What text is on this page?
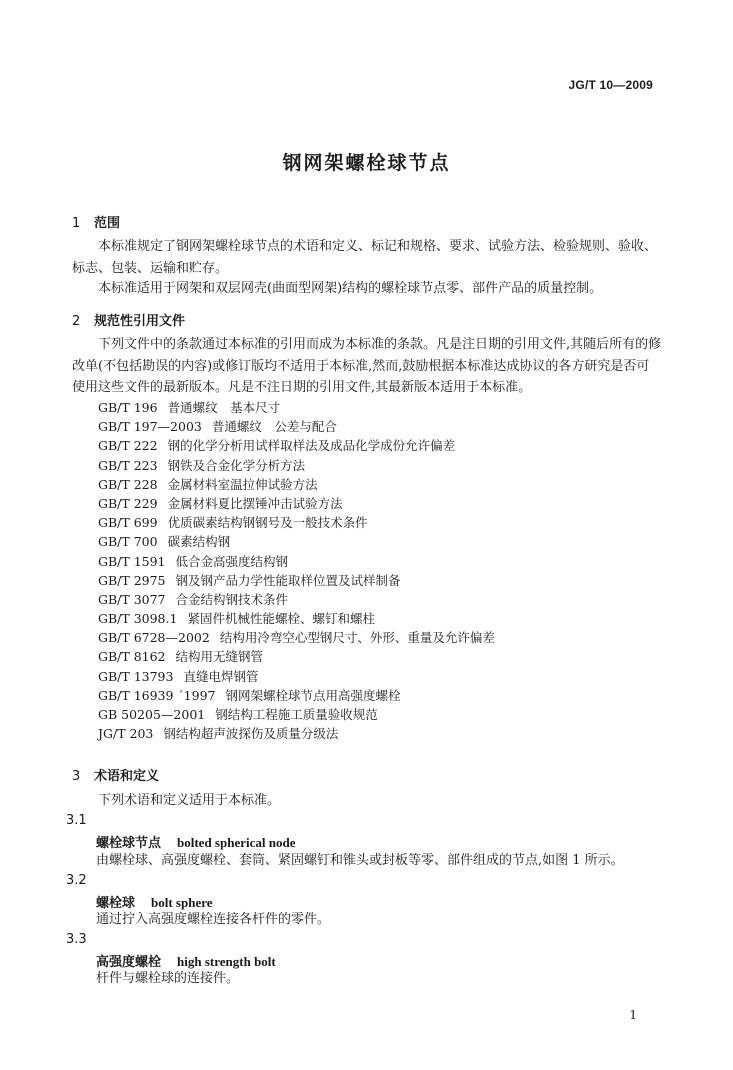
JG/T 10—2009
钢网架螺栓球节点
1 范围
本标准规定了钢网架螺栓球节点的术语和定义、标记和规格、要求、试验方法、检验规则、验收、标志、包装、运输和贮存。
本标准适用于网架和双层网壳(曲面型网架)结构的螺栓球节点零、部件产品的质量控制。
2 规范性引用文件
下列文件中的条款通过本标准的引用而成为本标准的条款。凡是注日期的引用文件,其随后所有的修改单(不包括勘误的内容)或修订版均不适用于本标准,然而,鼓励根据本标准达成协议的各方研究是否可使用这些文件的最新版本。凡是不注日期的引用文件,其最新版本适用于本标准。
GB/T 196 普通螺纹　基本尺寸
GB/T 197—2003 普通螺纹　公差与配合
GB/T 222 钢的化学分析用试样取样法及成品化学成份允许偏差
GB/T 223 钢铁及合金化学分析方法
GB/T 228 金属材料室温拉伸试验方法
GB/T 229 金属材料夏比摆锤冲击试验方法
GB/T 699 优质碳素结构钢钢号及一般技术条件
GB/T 700 碳素结构钢
GB/T 1591 低合金高强度结构钢
GB/T 2975 钢及钢产品力学性能取样位置及试样制备
GB/T 3077 合金结构钢技术条件
GB/T 3098.1 紧固件机械性能螺栓、螺钉和螺柱
GB/T 6728—2002 结构用冷弯空心型钢尺寸、外形、重量及允许偏差
GB/T 8162 结构用无缝钢管
GB/T 13793 直缝电焊钢管
GB/T 16939 ˊ1997 钢网架螺栓球节点用高强度螺栓
GB 50205—2001 钢结构工程施工质量验收规范
JG/T 203 钢结构超声波探伤及质量分级法
3 术语和定义
下列术语和定义适用于本标准。
3.1
螺栓球节点 bolted spherical node
由螺栓球、高强度螺栓、套筒、紧固螺钉和锥头或封板等零、部件组成的节点,如图 1 所示。
3.2
螺栓球 bolt sphere
通过拧入高强度螺栓连接各杆件的零件。
3.3
高强度螺栓 high strength bolt
杆件与螺栓球的连接件。
1
